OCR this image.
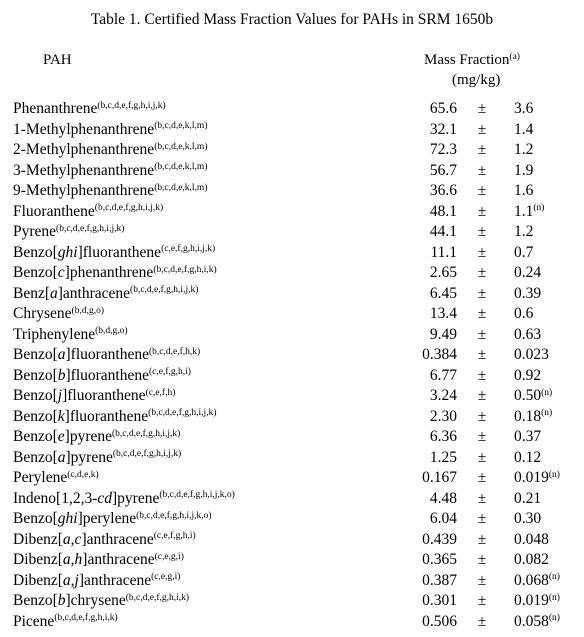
Table 1. Certified Mass Fraction Values for PAHs in SRM 1650b
PAH	Mass Fraction$^{(a)}$
(mg/kg)
Phenanthrene$^{(b,c,d,e,f,g,h,i,j,k)}$	65.6 ± 3.6
1-Methylphenanthrene$^{(b,c,d,e,k,l,m)}$	32.1 ± 1.4
2-Methylphenanthrene$^{(b,c,d,e,k,l,m)}$	72.3 ± 1.2
3-Methylphenanthrene$^{(b,c,d,e,k,l,m)}$	56.7 ± 1.9
9-Methylphenanthrene$^{(b,c,d,e,k,l,m)}$	36.6 ± 1.6
Fluoranthene$^{(b,c,d,e,f,g,h,i,j,k)}$	$48.1 \pm 1.1^{(n)}$
Pyrene$^{(b,c,d,e,f,g,h,i,j,k)}$	44.1 ± 1.2
Benzo[ghi]fluoranthene$^{(c,e,f,g,h,i,j,k)}$	11.1 ± 0.7
Benzo[c]phenanthrene$^{(b,c,d,e,f,g,h,i,k)}$	2.65 ± 0.24
Benz[a]anthracene$^{(b,c,d,e,f,g,h,i,j,k)}$	6.45 ± 0.39
Chrysene$^{(b,d,g,o)}$	13.4 ± 0.6
Triphenylene$^{(b,d,g,o)}$	9.49 ± 0.63
Benzo[a]fluoranthene$^{(b,c,d,e,f,h,k)}$	0.384 ± 0.023
Benzo[b]fluoranthene$^{(c,e,f,g,h,i)}$	6.77 ± 0.92
Benzo[j]fluoranthene$^{(c,e,f,h)}$	$3.24 \pm 0.50^{(n)}$
Benzo[k]fluoranthene$^{(b,c,d,e,f,g,h,i,j,k)}$	$2.30 \pm 0.18^{(n)}$
Benzo[e]pyrene$^{(b,c,d,e,f,g,h,i,j,k)}$	6.36 ± 0.37
Benzo[a]pyrene$^{(b,c,d,e,f,g,h,i,j,k)}$	1.25 ± 0.12
Perylene$^{(c,d,e,k)}$	$0.167 \pm 0.019^{(n)}$
Indeno[1,2,3-cd]pyrene$^{(b,c,d,e,f,g,h,i,j,k,o)}$	4.48 ± 0.21
Benzo[ghi]perylene$^{(b,c,d,e,f,g,h,i,j,k,o)}$	6.04 ± 0.30
Dibenz[a,c]anthracene$^{(c,e,f,g,h,i)}$	0.439 ± 0.048
Dibenz[a,h]anthracene$^{(c,e,g,i)}$	0.365 ± 0.082
Dibenz[a,j]anthracene$^{(c,e,g,i)}$	$0.387 \pm 0.068^{(n)}$
Benzo[b]chrysene$^{(b,c,d,e,f,g,h,i,k)}$	$0.301 \pm 0.019^{(n)}$
Picene$^{(b,c,d,e,f,g,h,i,k)}$	$0.506 \pm 0.058^{(n)}$
